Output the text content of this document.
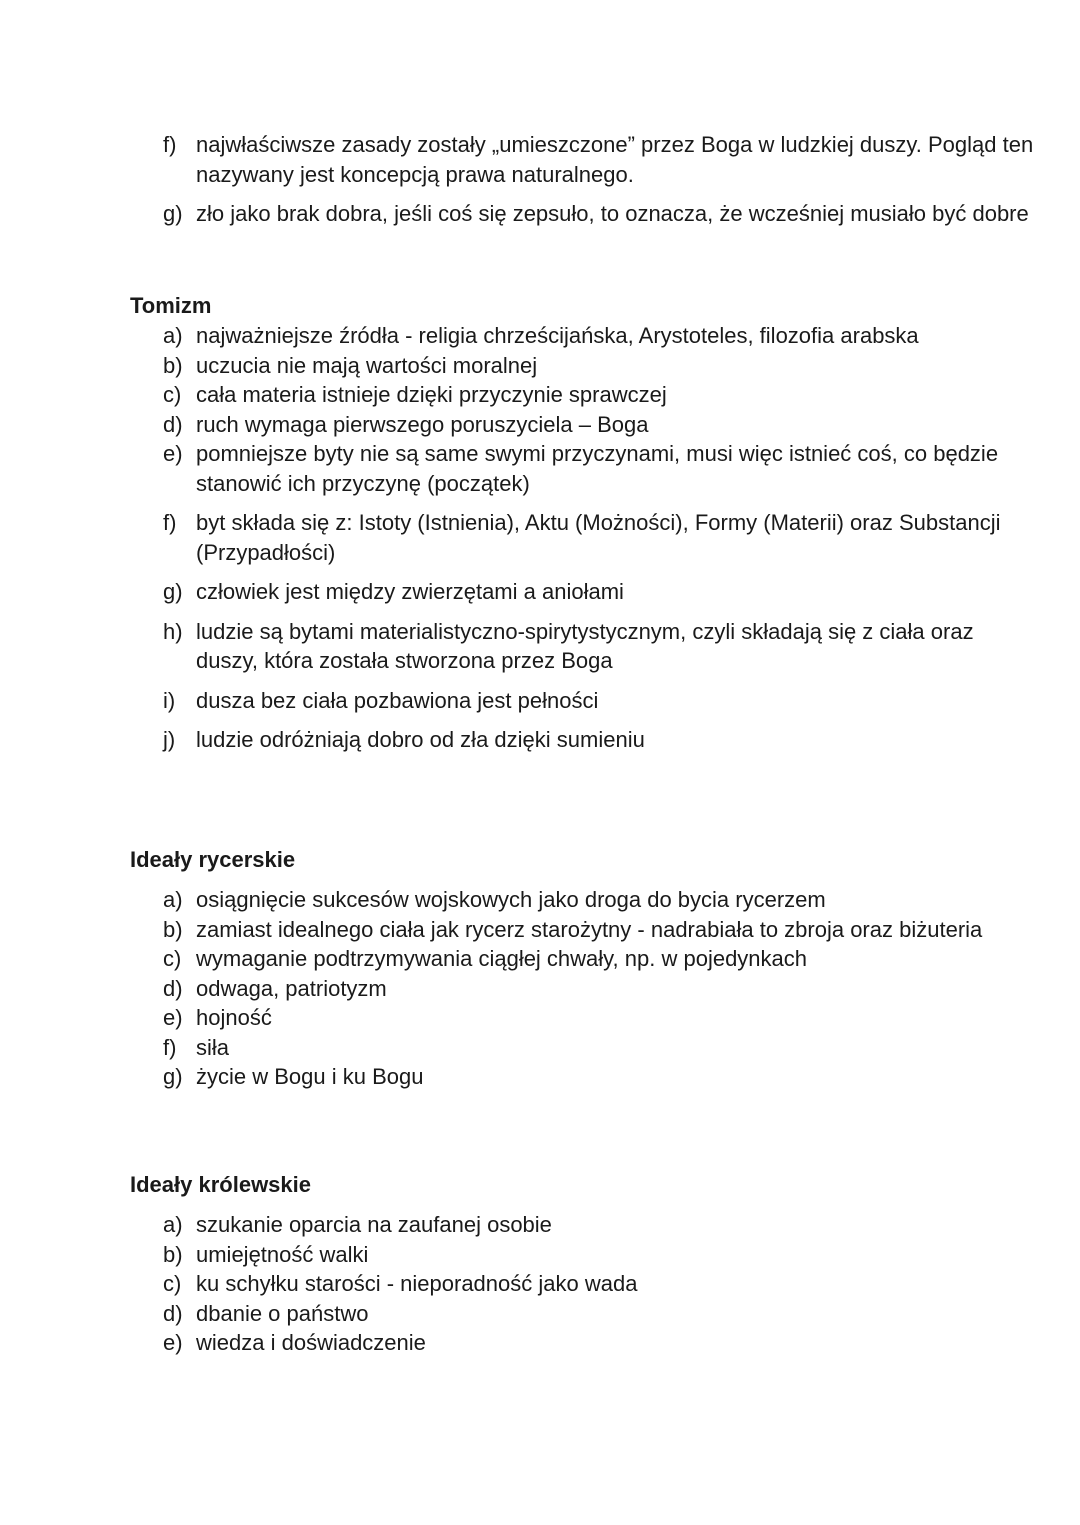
f) najwłaściwsze zasady zostały „umieszczone” przez Boga w ludzkiej duszy. Pogląd ten nazywany jest koncepcją prawa naturalnego.
g) zło jako brak dobra, jeśli coś się zepsuło, to oznacza, że wcześniej musiało być dobre
Tomizm
a) najważniejsze źródła - religia chrześcijańska, Arystoteles, filozofia arabska
b) uczucia nie mają wartości moralnej
c) cała materia istnieje dzięki przyczynie sprawczej
d) ruch wymaga pierwszego poruszyciela – Boga
e) pomniejsze byty nie są same swymi przyczynami, musi więc istnieć coś, co będzie stanowić ich przyczynę (początek)
f) byt składa się z: Istoty (Istnienia), Aktu (Możności), Formy (Materii) oraz Substancji (Przypadłości)
g) człowiek jest między zwierzętami a aniołami
h) ludzie są bytami materialistyczno-spirytystycznym, czyli składają się z ciała oraz duszy, która została stworzona przez Boga
i) dusza bez ciała pozbawiona jest pełności
j) ludzie odróżniają dobro od zła dzięki sumieniu
Ideały rycerskie
a) osiągnięcie sukcesów wojskowych jako droga do bycia rycerzem
b) zamiast idealnego ciała jak rycerz starożytny - nadrabiała to zbroja oraz biżuteria
c) wymaganie podtrzymywania ciągłej chwały, np. w pojedynkach
d) odwaga, patriotyzm
e) hojność
f) siła
g) życie w Bogu i ku Bogu
Ideały królewskie
a) szukanie oparcia na zaufanej osobie
b) umiejętność walki
c) ku schyłku starości - nieporadność jako wada
d) dbanie o państwo
e) wiedza i doświadczenie
